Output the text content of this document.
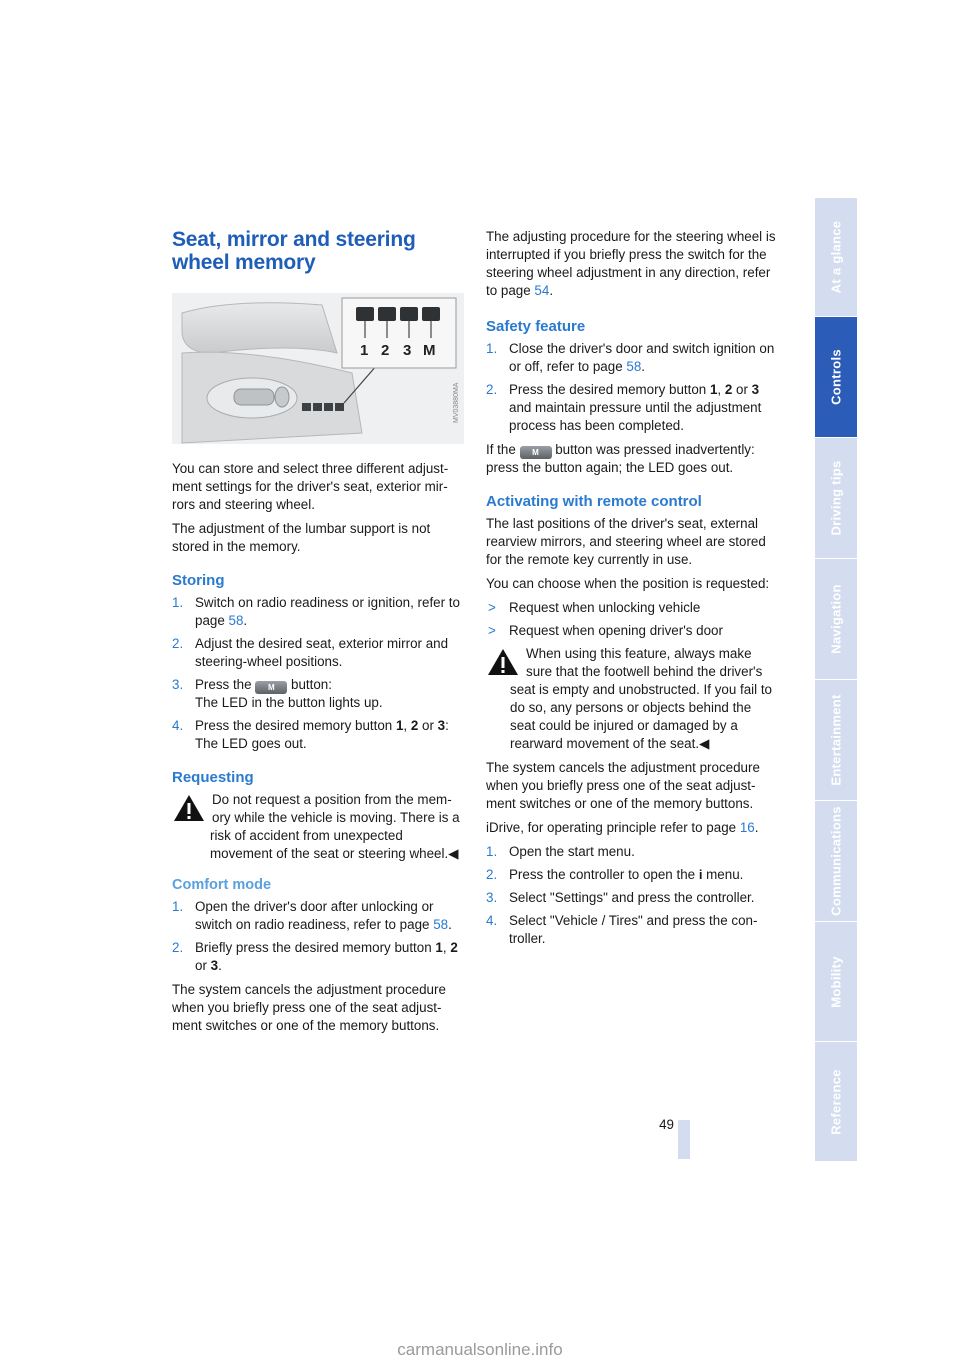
At a glance
Controls
Driving tips
Navigation
Entertainment
Communications
Mobility
Reference
Seat, mirror and steering wheel memory
1 2 3 M
MV03880MA

You can store and select three different adjust-ment settings for the driver's seat, exterior mir-rors and steering wheel.

The adjustment of the lumbar support is not stored in the memory.

Storing
1. Switch on radio readiness or ignition, refer to page 58.
2. Adjust the desired seat, exterior mirror and steering-wheel positions.
3. Press the M button:
The LED in the button lights up.
4. Press the desired memory button 1, 2 or 3:
The LED goes out.
Requesting
Do not request a position from the mem-ory while the vehicle is moving. There is a risk of accident from unexpected movement of the seat or steering wheel.◀
Comfort mode
1. Open the driver's door after unlocking or switch on radio readiness, refer to page 58.
2. Briefly press the desired memory button 1, 2 or 3.

The system cancels the adjustment procedure when you briefly press one of the seat adjust-ment switches or one of the memory buttons.

The adjusting procedure for the steering wheel is interrupted if you briefly press the switch for the steering wheel adjustment in any direction, refer to page 54.

Safety feature
1. Close the driver's door and switch ignition on or off, refer to page 58.
2. Press the desired memory button 1, 2 or 3 and maintain pressure until the adjustment process has been completed.

If the M button was pressed inadvertently: press the button again; the LED goes out.

Activating with remote control

The last positions of the driver's seat, external rearview mirrors, and steering wheel are stored for the remote key currently in use.

You can choose when the position is requested:

> Request when unlocking vehicle
> Request when opening driver's door
When using this feature, always make sure that the footwell behind the driver's seat is empty and unobstructed. If you fail to do so, any persons or objects behind the seat could be injured or damaged by a rearward movement of the seat.◀

The system cancels the adjustment procedure when you briefly press one of the seat adjust-ment switches or one of the memory buttons.

iDrive, for operating principle refer to page 16.

1. Open the start menu.
2. Press the controller to open the i menu.
3. Select "Settings" and press the controller.
4. Select "Vehicle / Tires" and press the con-troller.
49
carmanualsonline.info
